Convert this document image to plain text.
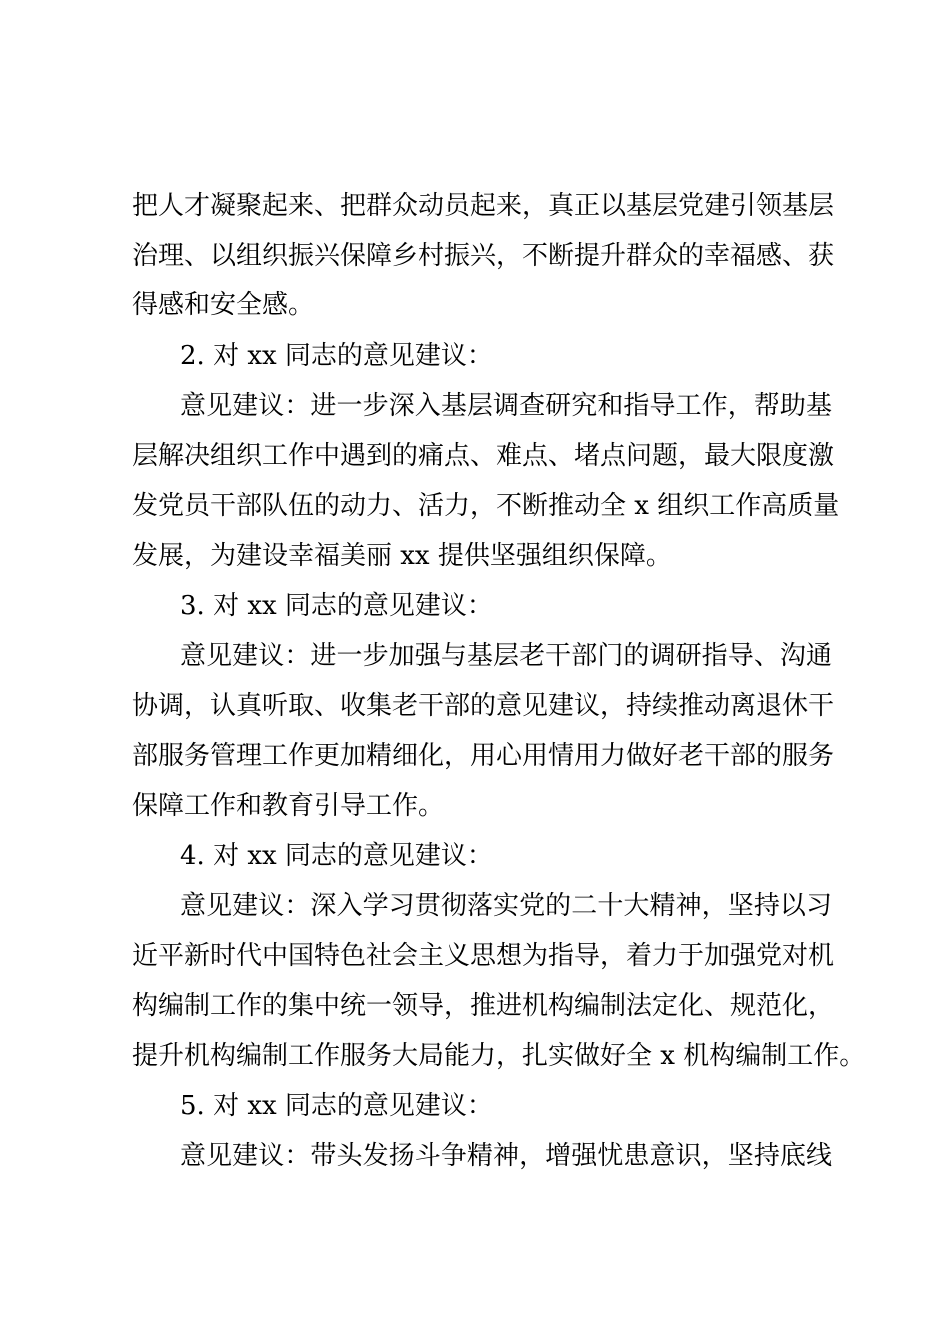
把人才凝聚起来、把群众动员起来，真正以基层党建引领基层
治理、以组织振兴保障乡村振兴，不断提升群众的幸福感、获
得感和安全感。
2. 对 xx 同志的意见建议：
意见建议：进一步深入基层调查研究和指导工作，帮助基
层解决组织工作中遇到的痛点、难点、堵点问题，最大限度激
发党员干部队伍的动力、活力，不断推动全 x 组织工作高质量
发展，为建设幸福美丽 xx 提供坚强组织保障。
3. 对 xx 同志的意见建议：
意见建议：进一步加强与基层老干部门的调研指导、沟通
协调，认真听取、收集老干部的意见建议，持续推动离退休干
部服务管理工作更加精细化，用心用情用力做好老干部的服务
保障工作和教育引导工作。
4. 对 xx 同志的意见建议：
意见建议：深入学习贯彻落实党的二十大精神，坚持以习
近平新时代中国特色社会主义思想为指导，着力于加强党对机
构编制工作的集中统一领导，推进机构编制法定化、规范化，
提升机构编制工作服务大局能力，扎实做好全 x 机构编制工作。
5. 对 xx 同志的意见建议：
意见建议：带头发扬斗争精神，增强忧患意识，坚持底线
